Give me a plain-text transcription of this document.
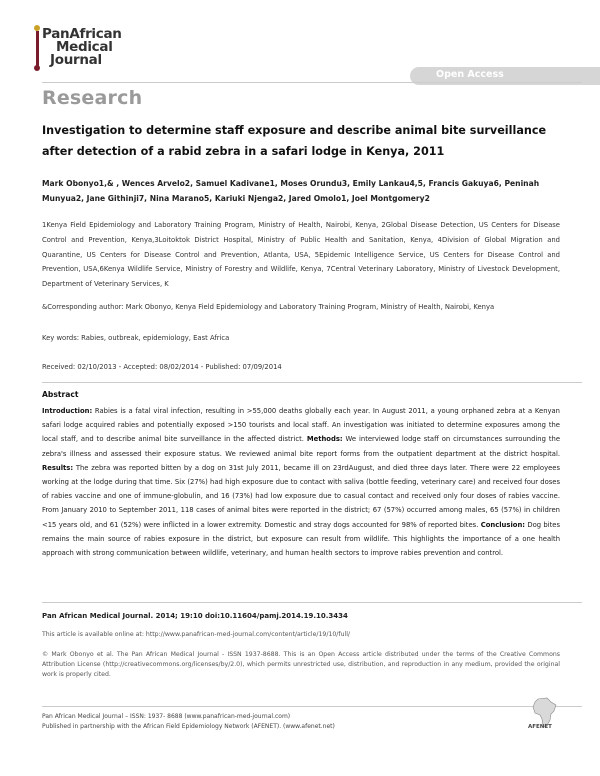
PanAfrican
Medical
Journal
Open Access
Research
Investigation to determine staff exposure and describe animal bite surveillance after detection of a rabid zebra in a safari lodge in Kenya, 2011
Mark Obonyo1,& , Wences Arvelo2, Samuel Kadivane1, Moses Orundu3, Emily Lankau4,5, Francis Gakuya6, Peninah Munyua2, Jane Githinji7, Nina Marano5, Kariuki Njenga2, Jared Omolo1, Joel Montgomery2
1Kenya Field Epidemiology and Laboratory Training Program, Ministry of Health, Nairobi, Kenya, 2Global Disease Detection, US Centers for Disease Control and Prevention, Kenya,3Loitoktok District Hospital, Ministry of Public Health and Sanitation, Kenya, 4Division of Global Migration and Quarantine, US Centers for Disease Control and Prevention, Atlanta, USA, 5Epidemic Intelligence Service, US Centers for Disease Control and Prevention, USA,6Kenya Wildlife Service, Ministry of Forestry and Wildlife, Kenya, 7Central Veterinary Laboratory, Ministry of Livestock Development, Department of Veterinary Services, K
&Corresponding author: Mark Obonyo, Kenya Field Epidemiology and Laboratory Training Program, Ministry of Health, Nairobi, Kenya
Key words: Rabies, outbreak, epidemiology, East Africa
Received: 02/10/2013 - Accepted: 08/02/2014 - Published: 07/09/2014
Abstract
Introduction: Rabies is a fatal viral infection, resulting in >55,000 deaths globally each year. In August 2011, a young orphaned zebra at a Kenyan safari lodge acquired rabies and potentially exposed >150 tourists and local staff. An investigation was initiated to determine exposures among the local staff, and to describe animal bite surveillance in the affected district. Methods: We interviewed lodge staff on circumstances surrounding the zebra's illness and assessed their exposure status. We reviewed animal bite report forms from the outpatient department at the district hospital. Results: The zebra was reported bitten by a dog on 31st July 2011, became ill on 23rdAugust, and died three days later. There were 22 employees working at the lodge during that time. Six (27%) had high exposure due to contact with saliva (bottle feeding, veterinary care) and received four doses of rabies vaccine and one of immune-globulin, and 16 (73%) had low exposure due to casual contact and received only four doses of rabies vaccine. From January 2010 to September 2011, 118 cases of animal bites were reported in the district; 67 (57%) occurred among males, 65 (57%) in children <15 years old, and 61 (52%) were inflicted in a lower extremity. Domestic and stray dogs accounted for 98% of reported bites. Conclusion: Dog bites remains the main source of rabies exposure in the district, but exposure can result from wildlife. This highlights the importance of a one health approach with strong communication between wildlife, veterinary, and human health sectors to improve rabies prevention and control.
Pan African Medical Journal. 2014; 19:10 doi:10.11604/pamj.2014.19.10.3434
This article is available online at: http://www.panafrican-med-journal.com/content/article/19/10/full/
© Mark Obonyo et al. The Pan African Medical Journal - ISSN 1937-8688. This is an Open Access article distributed under the terms of the Creative Commons Attribution License (http://creativecommons.org/licenses/by/2.0), which permits unrestricted use, distribution, and reproduction in any medium, provided the original work is properly cited.
Pan African Medical Journal – ISSN: 1937- 8688 (www.panafrican-med-journal.com)
Published in partnership with the African Field Epidemiology Network (AFENET). (www.afenet.net)	AFENET
